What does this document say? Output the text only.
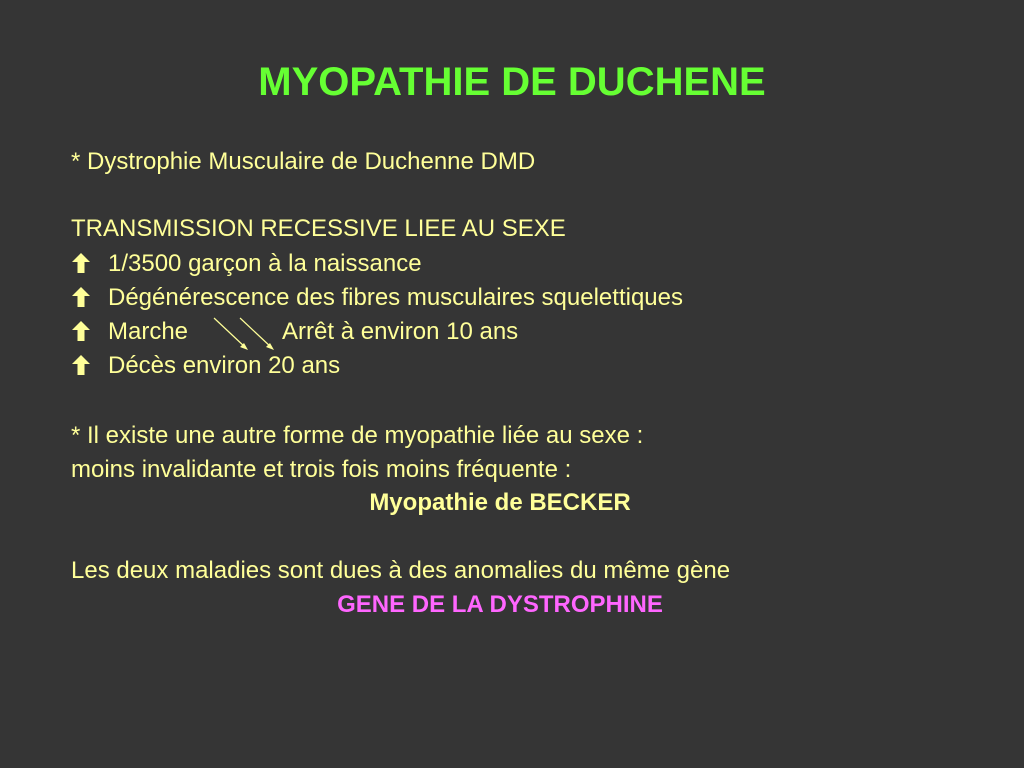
MYOPATHIE DE DUCHENE
* Dystrophie Musculaire de Duchenne DMD
TRANSMISSION RECESSIVE LIEE AU SEXE
1/3500 garçon à la naissance
Dégénérescence des fibres musculaires squelettiques
Marche	Arrêt à environ 10 ans
Décès environ 20 ans
* Il existe une autre forme de myopathie liée au sexe :
moins invalidante et trois fois moins fréquente :
Myopathie de BECKER
Les deux maladies sont dues à des anomalies du même gène
GENE DE LA DYSTROPHINE
